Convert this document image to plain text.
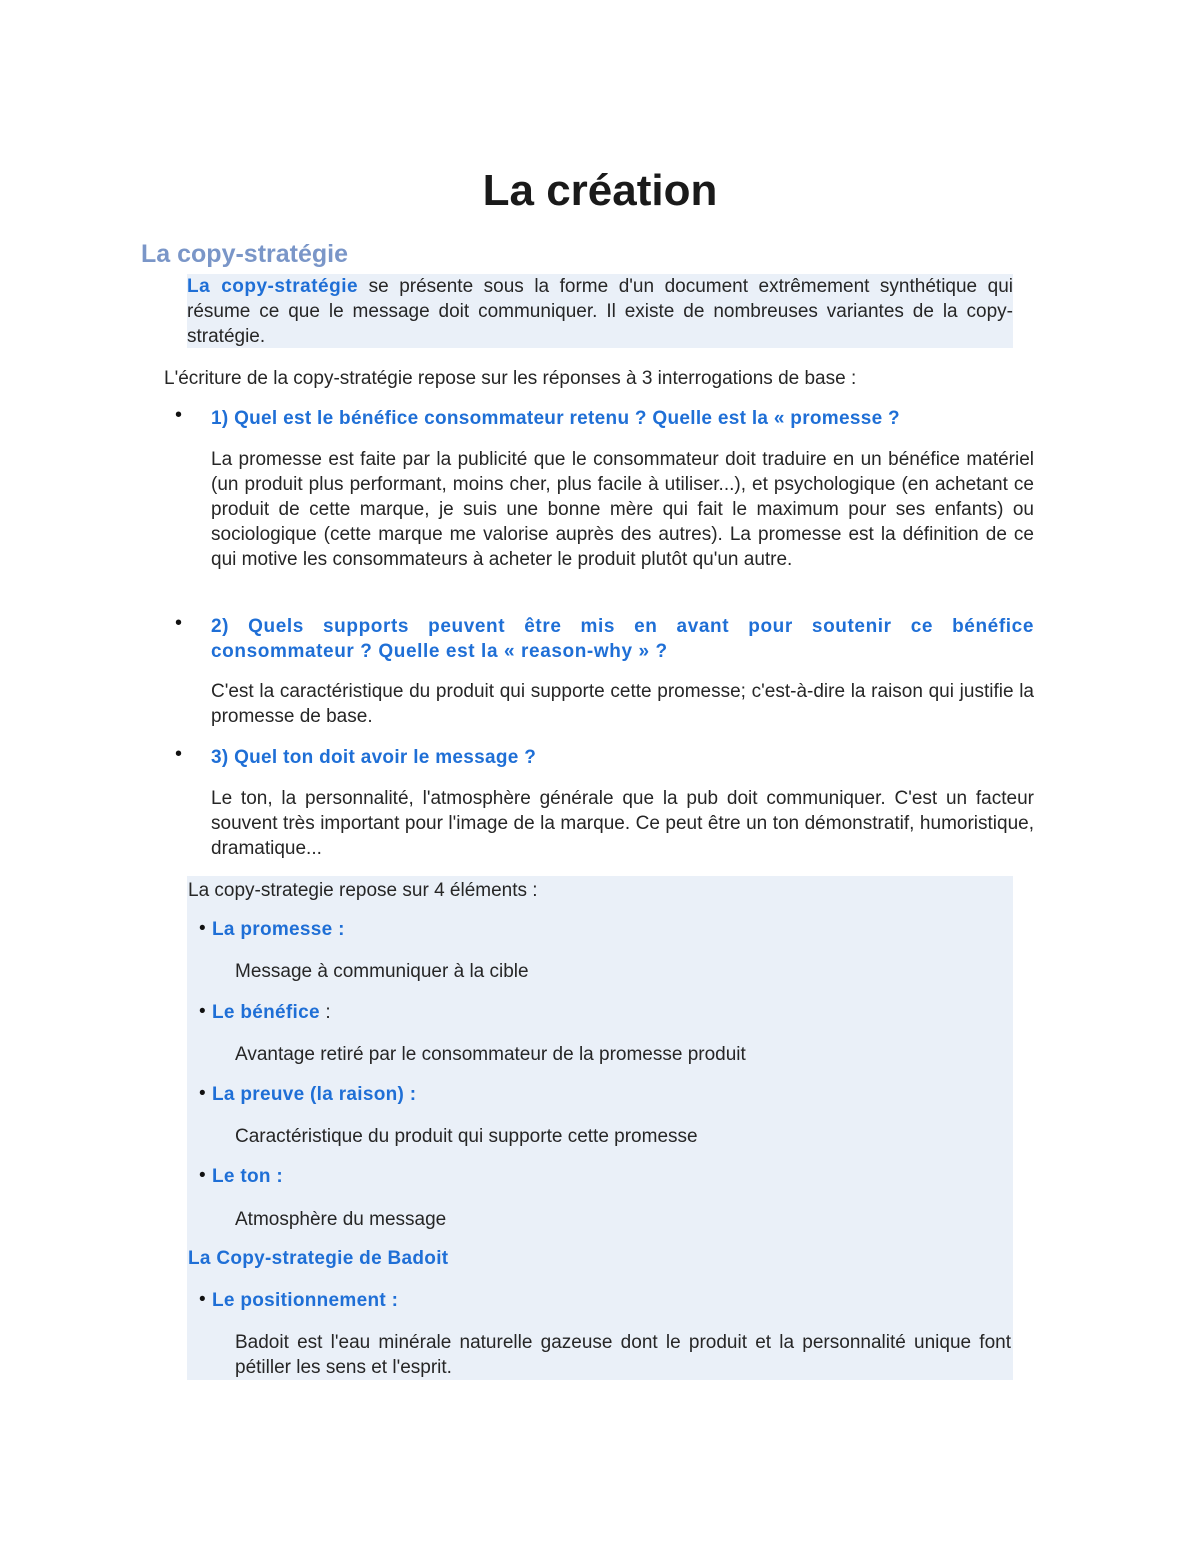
La création
La copy-stratégie
La copy-stratégie se présente sous la forme d'un document extrêmement synthétique qui résume ce que le message doit communiquer. Il existe de nombreuses variantes de la copy-stratégie.
L'écriture de la copy-stratégie repose sur les réponses à 3 interrogations de base :
• 1) Quel est le bénéfice consommateur retenu ? Quelle est la « promesse ?
La promesse est faite par la publicité que le consommateur doit traduire en un bénéfice matériel (un produit plus performant, moins cher, plus facile à utiliser...), et psychologique (en achetant ce produit de cette marque, je suis une bonne mère qui fait le maximum pour ses enfants) ou sociologique (cette marque me valorise auprès des autres). La promesse est la définition de ce qui motive les consommateurs à acheter le produit plutôt qu'un autre.
• 2) Quels supports peuvent être mis en avant pour soutenir ce bénéfice consommateur ? Quelle est la « reason-why » ?
C'est la caractéristique du produit qui supporte cette promesse; c'est-à-dire la raison qui justifie la promesse de base.
• 3) Quel ton doit avoir le message ?
Le ton, la personnalité, l'atmosphère générale que la pub doit communiquer. C'est un facteur souvent très important pour l'image de la marque. Ce peut être un ton démonstratif, humoristique, dramatique...
La copy-strategie repose sur 4 éléments :
• La promesse :
Message à communiquer à la cible
• Le bénéfice :
Avantage retiré par le consommateur de la promesse produit
• La preuve (la raison) :
Caractéristique du produit qui supporte cette promesse
• Le ton :
Atmosphère du message
La Copy-strategie de Badoit
• Le positionnement :
Badoit est l'eau minérale naturelle gazeuse dont le produit et la personnalité unique font pétiller les sens et l'esprit.
